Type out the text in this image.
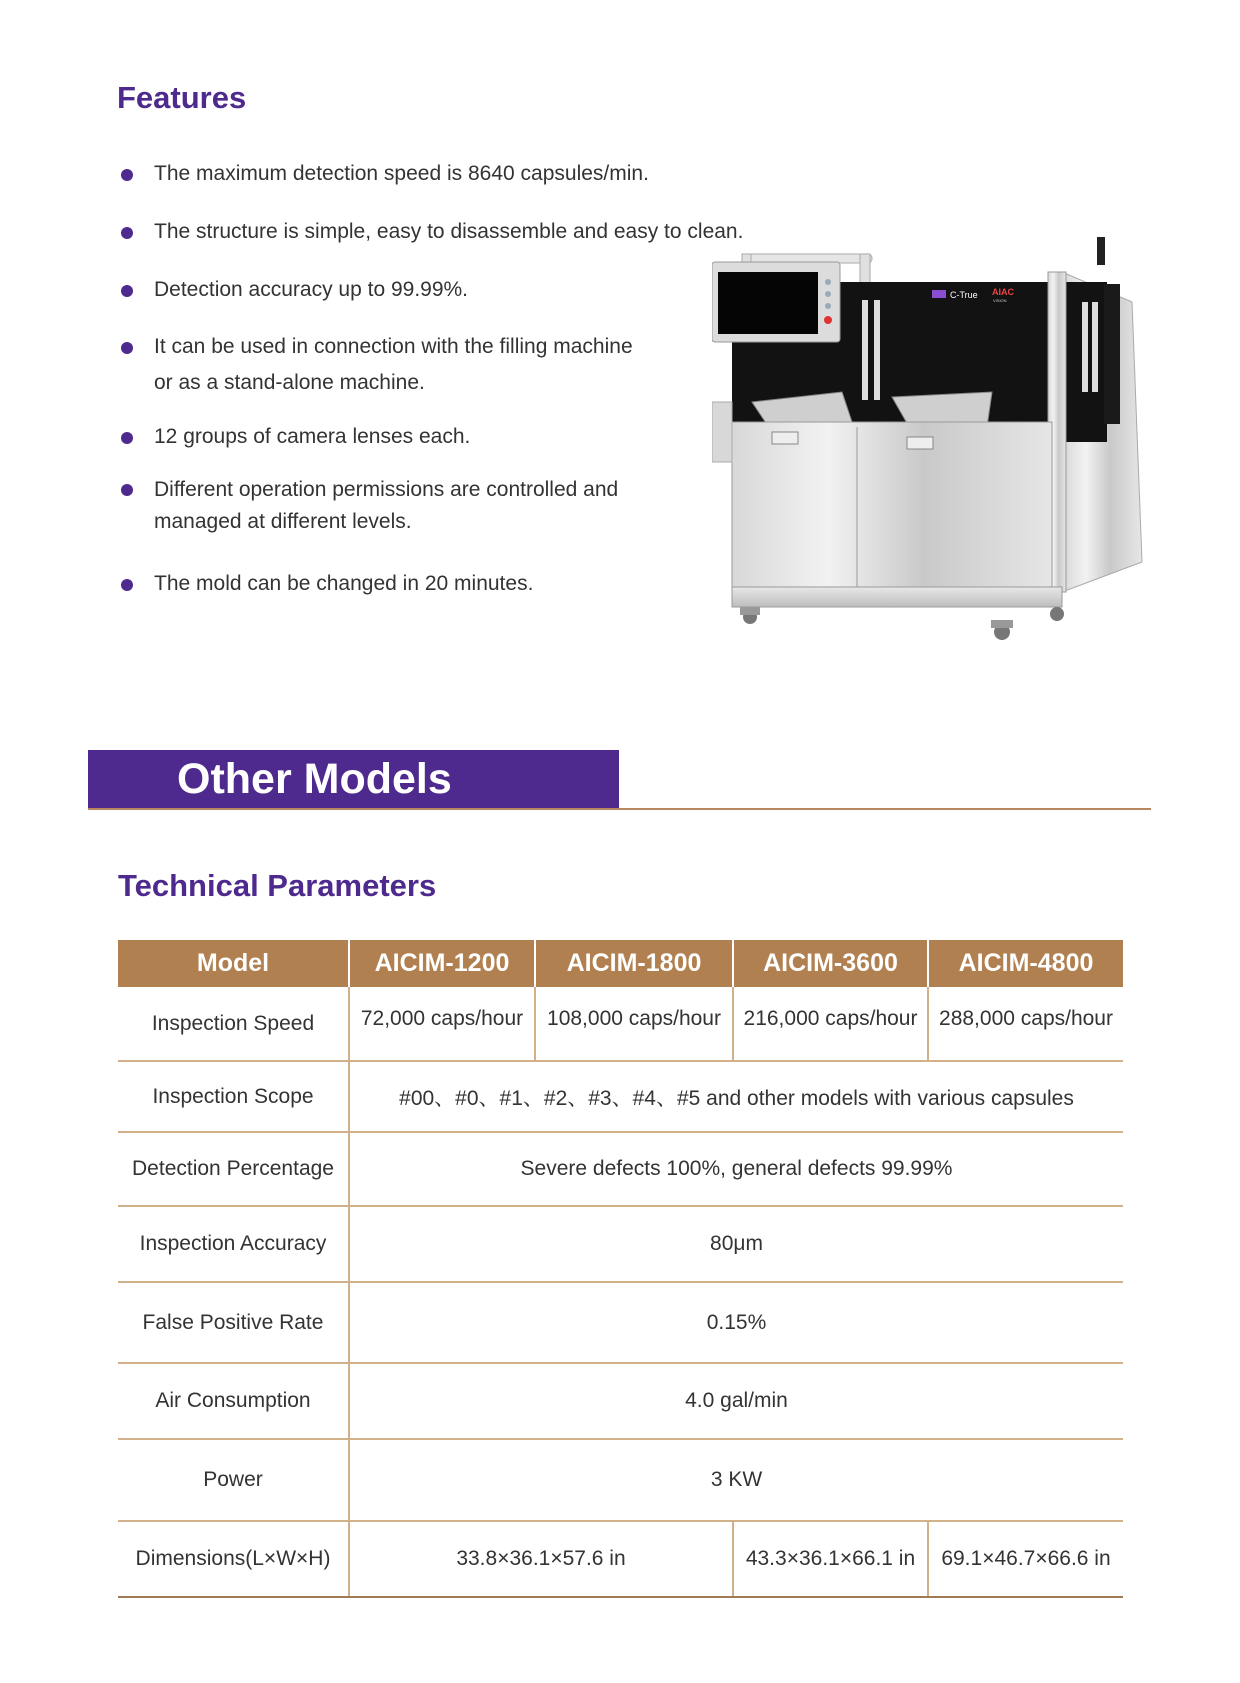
Features
The maximum detection speed is 8640 capsules/min.
The structure is simple, easy to disassemble and easy to clean.
Detection accuracy up to 99.99%.
It can be used in connection with the filling machine
or as a stand-alone machine.
12 groups of camera lenses each.
Different operation permissions are controlled and
managed at different levels.
The mold can be changed in 20 minutes.
C-True AIAC
VISION
Other Models
Technical Parameters
Model	AICIM-1200	AICIM-1800	AICIM-3600	AICIM-4800
Inspection Speed	72,000 caps/hour	108,000 caps/hour	216,000 caps/hour	288,000 caps/hour
Inspection Scope	#00、#0、#1、#2、#3、#4、#5 and other models with various capsules			
Detection Percentage	Severe defects 100%, general defects 99.99%			
Inspection Accuracy	80μm			
False Positive Rate	0.15%			
Air Consumption	4.0 gal/min			
Power	3 KW			
Dimensions(L×W×H)	33.8×36.1×57.6 in		43.3×36.1×66.1 in	69.1×46.7×66.6 in
